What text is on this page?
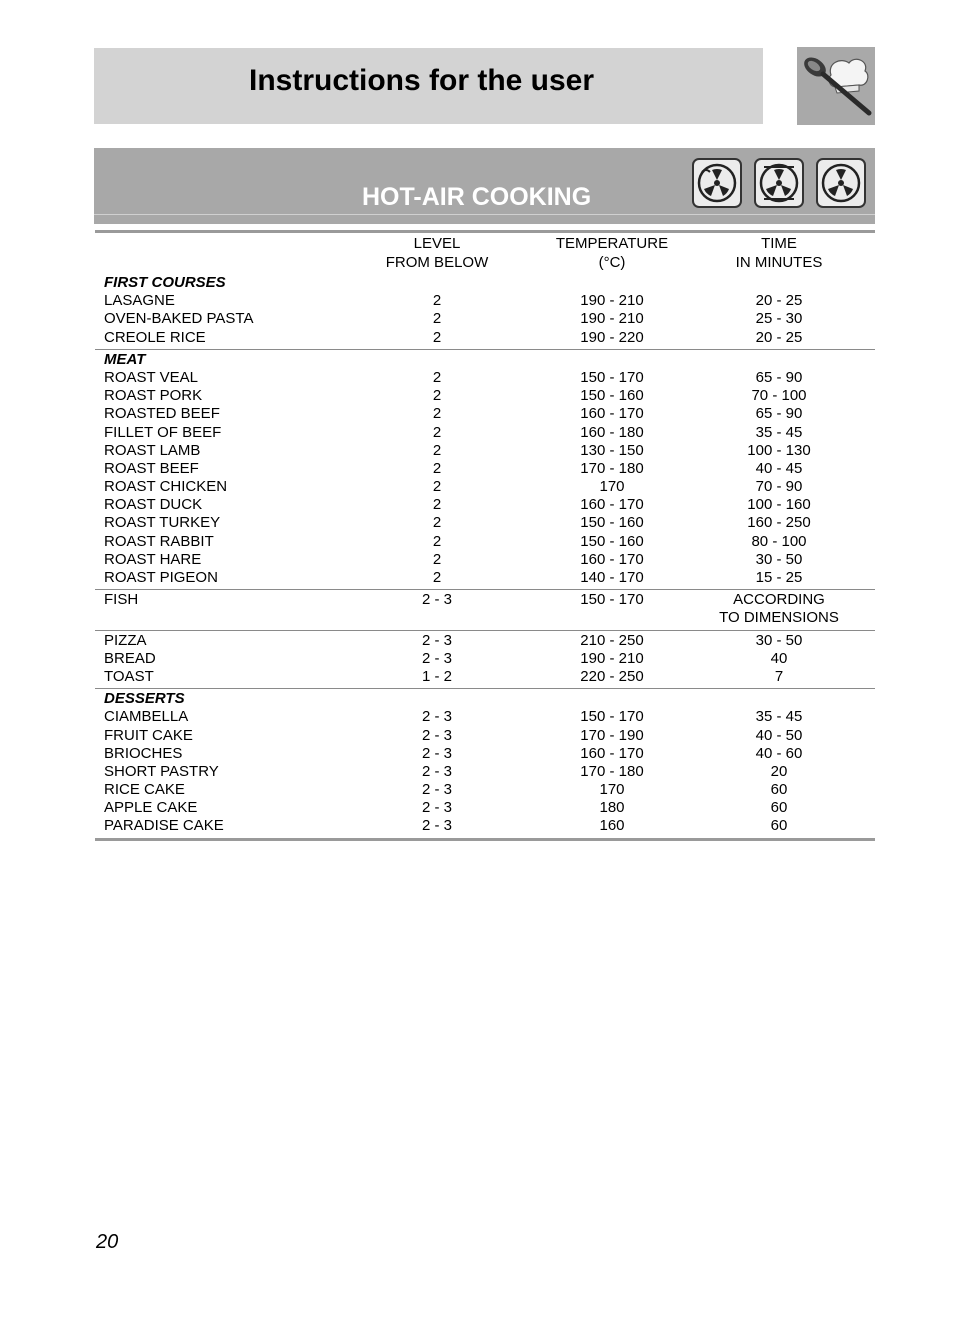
Instructions for the user
HOT-AIR COOKING
LEVEL	TEMPERATURE	TIME
FROM BELOW	(°C)	IN MINUTES
FIRST COURSES
LASAGNE	2	190 - 210	20 - 25
OVEN-BAKED PASTA	2	190 - 210	25 - 30
CREOLE RICE	2	190 - 220	20 - 25
MEAT
ROAST VEAL	2	150 - 170	65 - 90
ROAST PORK	2	150 - 160	70 - 100
ROASTED BEEF	2	160 - 170	65 - 90
FILLET OF BEEF	2	160 - 180	35 - 45
ROAST LAMB	2	130 - 150	100 - 130
ROAST BEEF	2	170 - 180	40 - 45
ROAST CHICKEN	2	170	70 - 90
ROAST DUCK	2	160 - 170	100 - 160
ROAST TURKEY	2	150 - 160	160 - 250
ROAST RABBIT	2	150 - 160	80 - 100
ROAST HARE	2	160 - 170	30 - 50
ROAST PIGEON	2	140 - 170	15 - 25
FISH	2 - 3	150 - 170	ACCORDING
TO DIMENSIONS
PIZZA	2 - 3	210 - 250	30 - 50
BREAD	2 - 3	190 - 210	40
TOAST	1 - 2	220 - 250	7
DESSERTS
CIAMBELLA	2 - 3	150 - 170	35 - 45
FRUIT CAKE	2 - 3	170 - 190	40 - 50
BRIOCHES	2 - 3	160 - 170	40 - 60
SHORT PASTRY	2 - 3	170 - 180	20
RICE CAKE	2 - 3	170	60
APPLE CAKE	2 - 3	180	60
PARADISE CAKE	2 - 3	160	60
20
